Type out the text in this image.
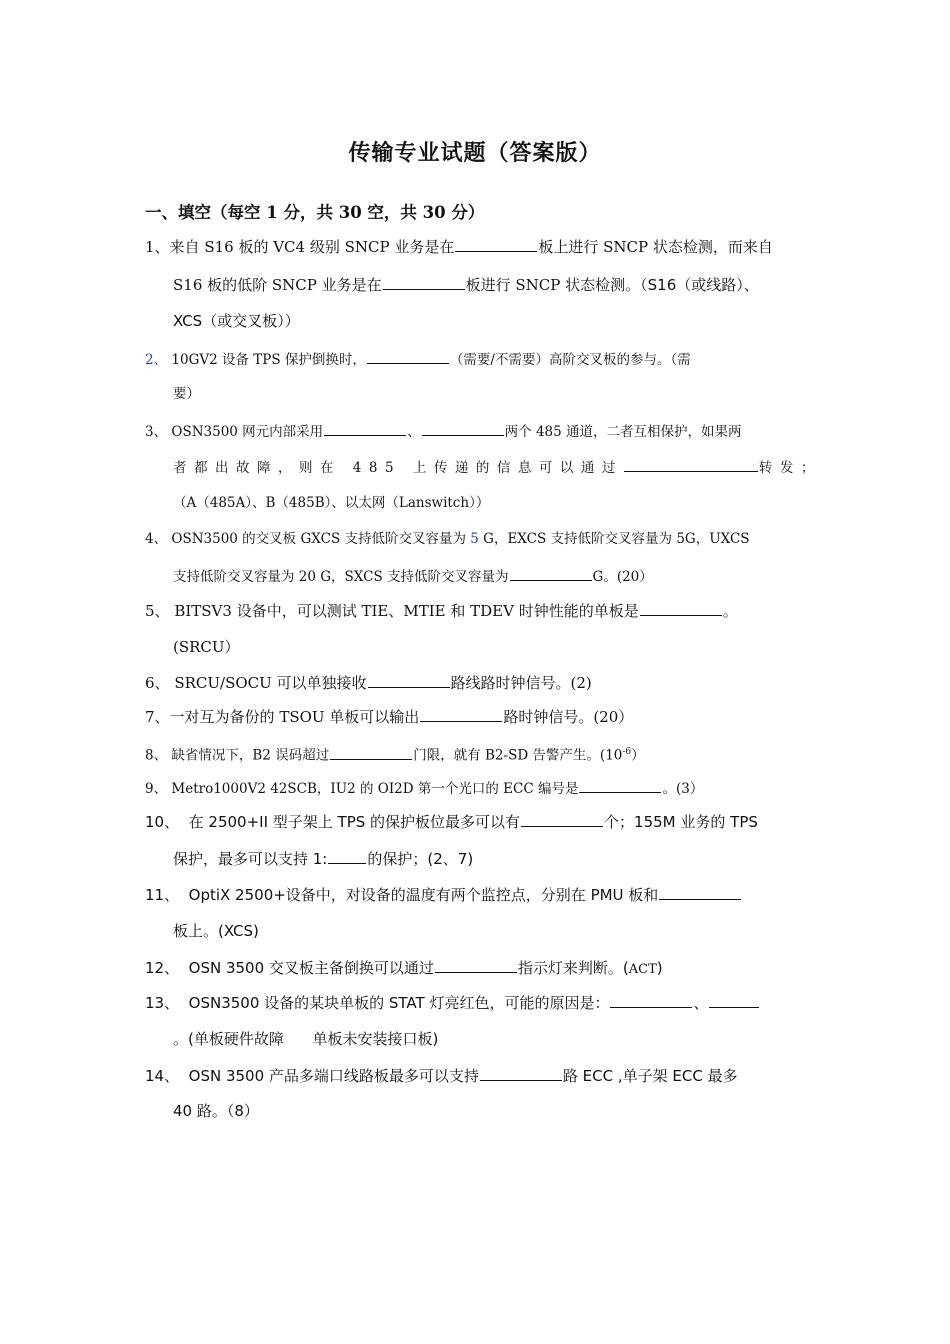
传输专业试题（答案版）
一、填空（每空 1 分，共 30 空，共 30 分）
1、来自 S16 板的 VC4 级别 SNCP 业务是在	板上进行 SNCP 状态检测，而来自
S16 板的低阶 SNCP 业务是在	板进行 SNCP 状态检测。（S16（或线路）、
XCS（或交叉板））
2、 10GV2 设备 TPS 保护倒换时，	（需要/不需要）高阶交叉板的参与。（需
要）
3、 OSN3500 网元内部采用	、	两个 485 通道，二者互相保护，如果两
者都出故障，则在 485 上传递的信息可以通过	转发；
（A（485A）、B（485B）、以太网（Lanswitch））
4、 OSN3500 的交叉板 GXCS 支持低阶交叉容量为 5 G，EXCS 支持低阶交叉容量为 5G，UXCS
支持低阶交叉容量为 20 G，SXCS 支持低阶交叉容量为	G。(20）
5、 BITSV3 设备中，可以测试 TIE、MTIE 和 TDEV 时钟性能的单板是	。
(SRCU）
6、 SRCU/SOCU 可以单独接收	路线路时钟信号。(2)
7、一对互为备份的 TSOU 单板可以输出	路时钟信号。(20）
8、 缺省情况下，B2 误码超过	门限，就有 B2-SD 告警产生。$(10^{-6})$
9、 Metro1000V2 42SCB，IU2 的 OI2D 第一个光口的 ECC 编号是	。(3）
10、 在 2500+II 型子架上 TPS 的保护板位最多可以有	个；155M 业务的 TPS
保护，最多可以支持 1:	的保护；(2、7)
11、 OptiX 2500+设备中，对设备的温度有两个监控点，分别在 PMU 板和
板上。(XCS)
12、 OSN 3500 交叉板主备倒换可以通过	指示灯来判断。(ACT)
13、 OSN3500 设备的某块单板的 STAT 灯亮红色，可能的原因是：	、
。(单板硬件故障      单板未安装接口板)
14、 OSN 3500 产品多端口线路板最多可以支持	路 ECC ,单子架 ECC 最多
40 路。（8）
